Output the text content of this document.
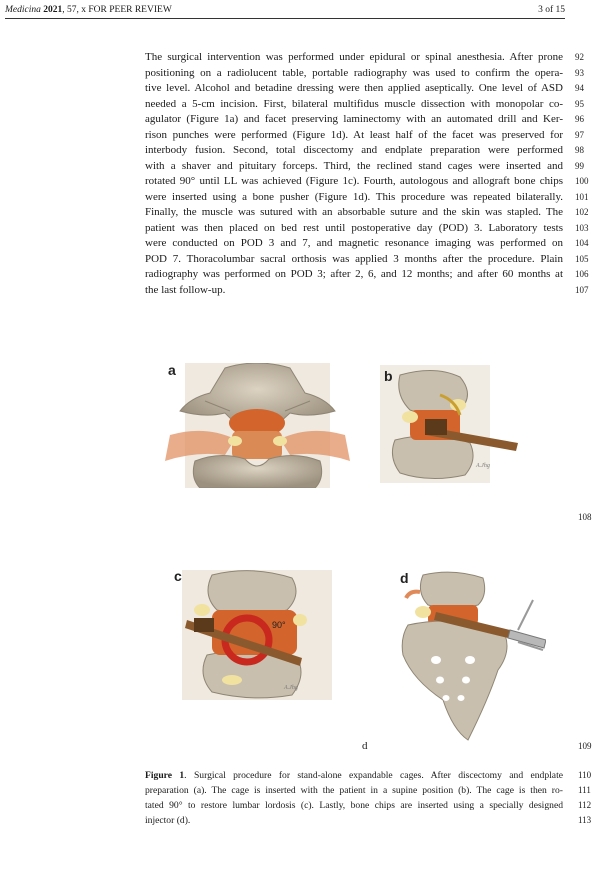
Medicina 2021, 57, x FOR PEER REVIEW	3 of 15
The surgical intervention was performed under epidural or spinal anesthesia. After prone
positioning on a radiolucent table, portable radiography was used to confirm the opera-
tive level. Alcohol and betadine dressing were then applied aseptically. One level of ASD
needed a 5-cm incision. First, bilateral multifidus muscle dissection with monopolar co-
agulator (Figure 1a) and facet preserving laminectomy with an automated drill and Ker-
rison punches were performed (Figure 1d). At least half of the facet was preserved for
interbody fusion. Second, total discectomy and endplate preparation were performed
with a shaver and pituitary forceps. Third, the reclined stand cages were inserted and
rotated 90° until LL was achieved (Figure 1c). Fourth, autologous and allograft bone chips
were inserted using a bone pusher (Figure 1d). This procedure was repeated bilaterally.
Finally, the muscle was sutured with an absorbable suture and the skin was stapled. The
patient was then placed on bed rest until postoperative day (POD) 3. Laboratory tests
were conducted on POD 3 and 7, and magnetic resonance imaging was performed on
POD 7. Thoracolumbar sacral orthosis was applied 3 months after the procedure. Plain
radiography was performed on POD 3; after 2, 6, and 12 months; and after 60 months at
the last follow-up.
92
93
94
95
96
97
98
99
100
101
102
103
104
105
106
107
a	b
A.Jhg
108
c
90°
A.Jhg
d
d	109
Figure 1. Surgical procedure for stand-alone expandable cages. After discectomy and endplate
preparation (a). The cage is inserted with the patient in a supine position (b). The cage is then ro-
tated 90° to restore lumbar lordosis (c). Lastly, bone chips are inserted using a specially designed
injector (d).
110
111
112
113
